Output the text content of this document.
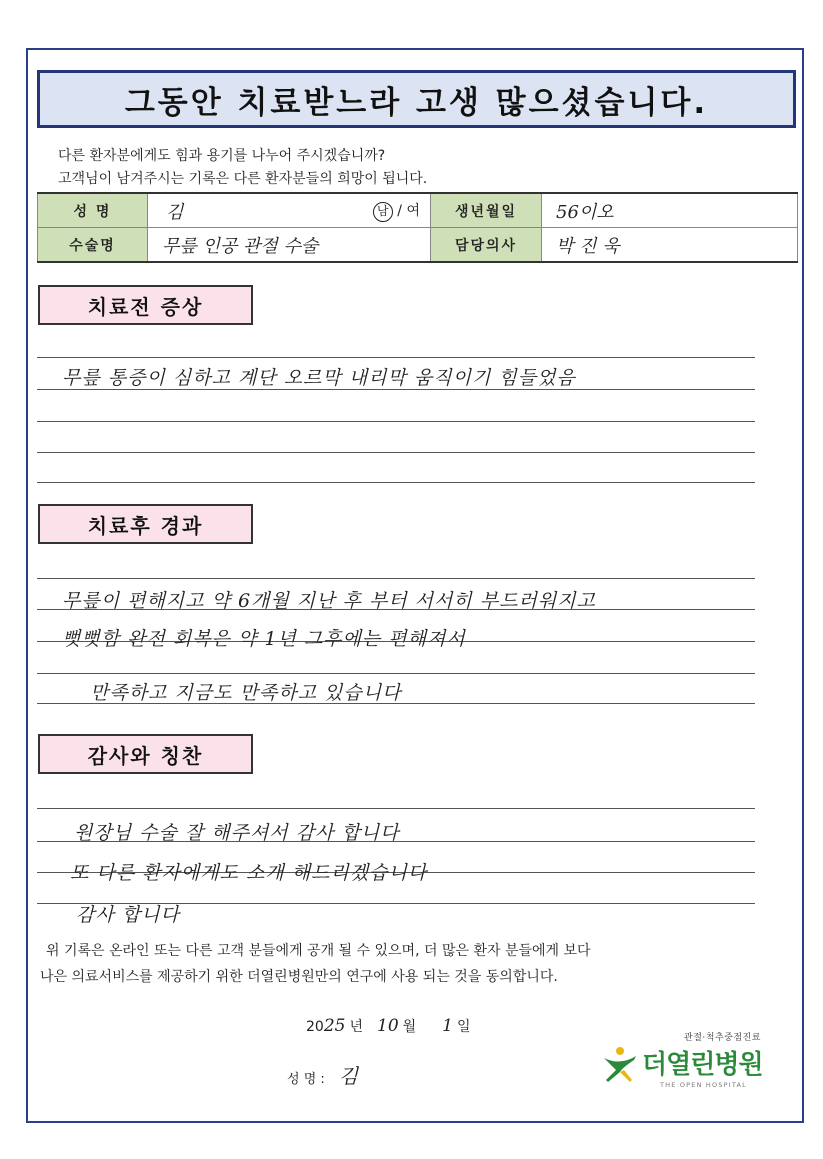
그동안 치료받느라 고생 많으셨습니다.
다른 환자분에게도 힘과 용기를 나누어 주시겠습니까?
고객님이 남겨주시는 기록은 다른 환자분들의 희망이 됩니다.
성 명	김 남 / 여	생년월일	56이오
수술명	무릎 인공 관절 수술	담당의사	박 진 욱
치료전 증상
무릎 통증이 심하고 계단 오르막 내리막 움직이기 힘들었음
치료후 경과
무릎이 편해지고 약 6개월 지난 후 부터 서서히 부드러워지고
뻣뻣함 완전 회복은 약 1년 그후에는 편해져서
만족하고 지금도 만족하고 있습니다
감사와 칭찬
원장님 수술 잘 해주셔서 감사 합니다
또 다른 환자에게도 소개 해드리겠습니다
감사 합니다
위 기록은 온라인 또는 다른 고객 분들에게 공개 될 수 있으며, 더 많은 환자 분들에게 보다
나은 의료서비스를 제공하기 위한 더열린병원만의 연구에 사용 되는 것을 동의합니다.
20 25 년 10 월 1 일
성 명 : 김
관절·척추중점진료
더열린병원
THE OPEN HOSPITAL
